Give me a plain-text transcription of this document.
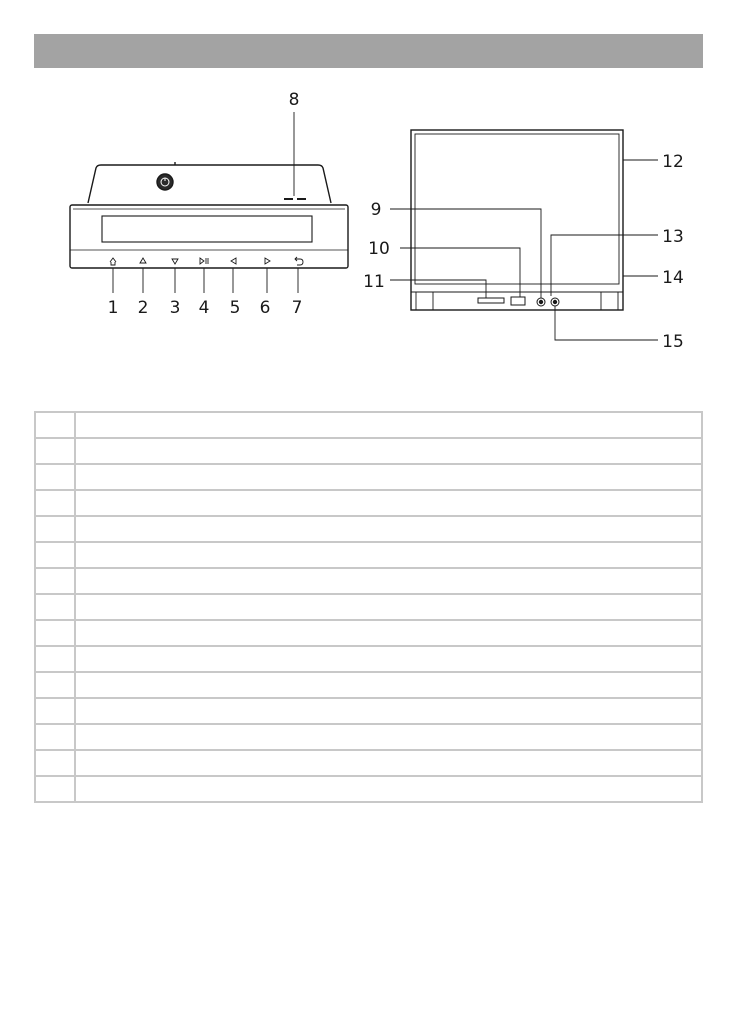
1 2 3 4 5 6 7
8
9
10
11
12
13
14
15
